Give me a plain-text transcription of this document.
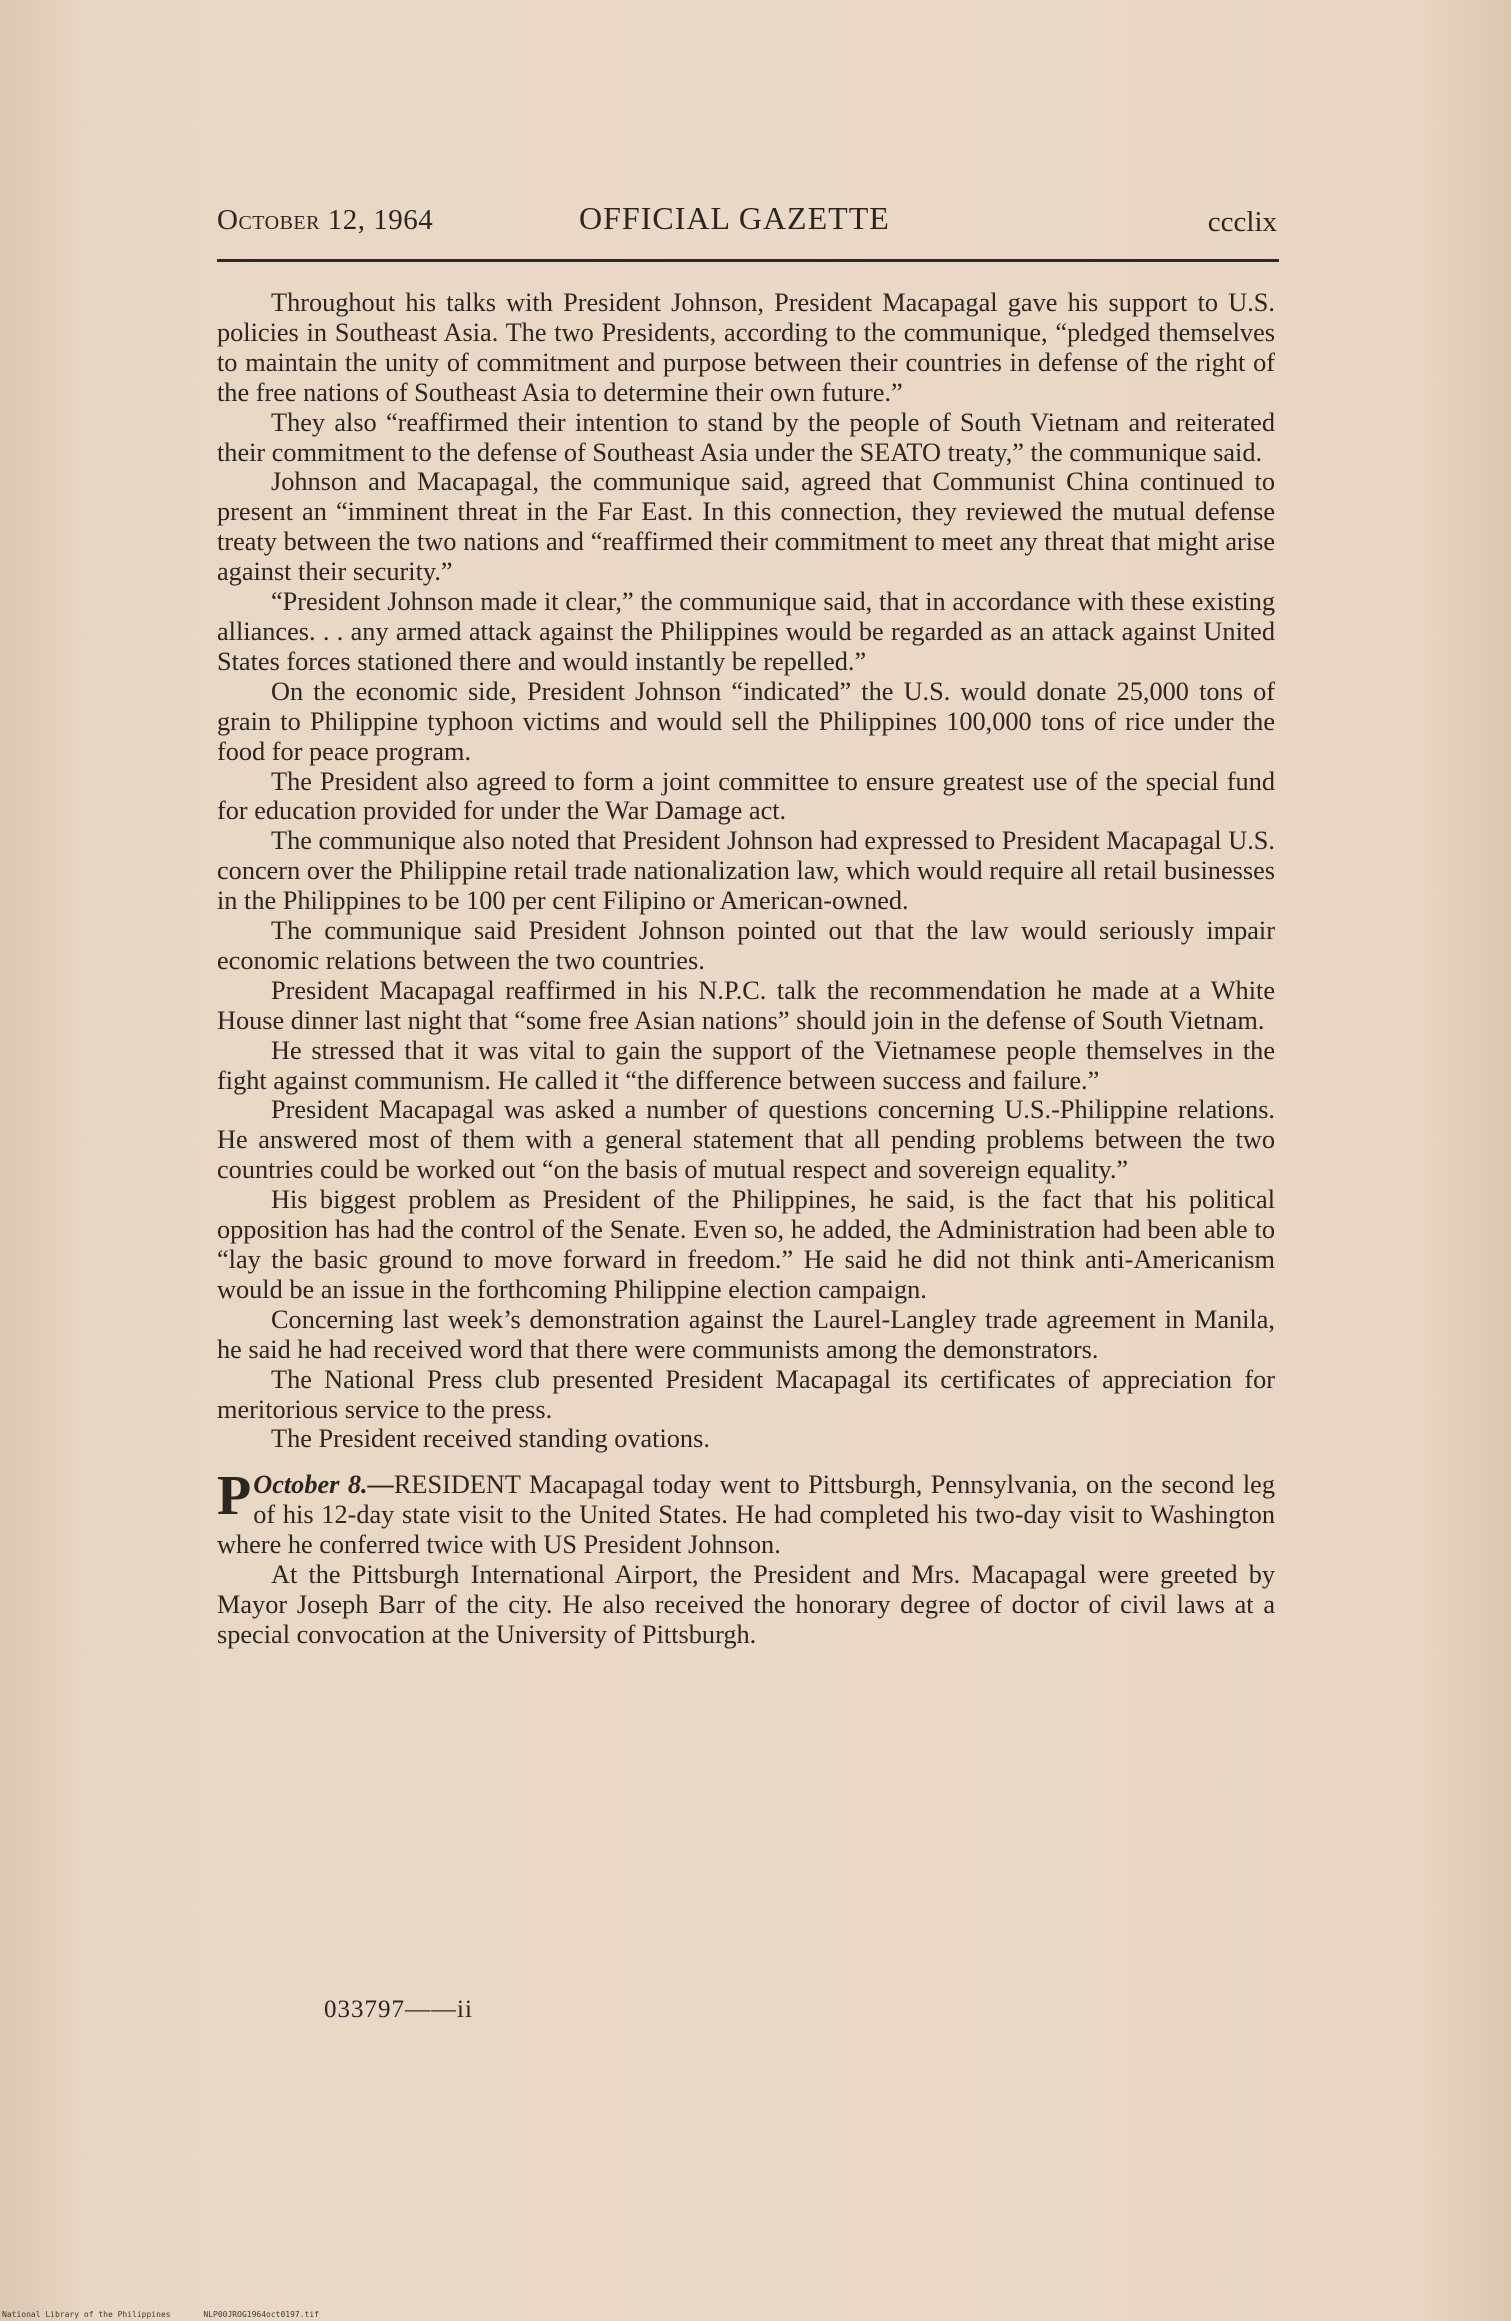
October 12, 1964	OFFICIAL GAZETTE	ccclix

Throughout his talks with President Johnson, President Macapagal gave his support to U.S. policies in Southeast Asia. The two Presidents, according to the communique, “pledged themselves to maintain the unity of commitment and purpose between their countries in defense of the right of the free nations of Southeast Asia to determine their own future.”

They also “reaffirmed their intention to stand by the people of South Vietnam and reiterated their commitment to the defense of Southeast Asia under the SEATO treaty,” the communique said.

Johnson and Macapagal, the communique said, agreed that Communist China continued to present an “imminent threat in the Far East. In this connection, they reviewed the mutual defense treaty between the two nations and “reaffirmed their commitment to meet any threat that might arise against their security.”

“President Johnson made it clear,” the communique said, that in accordance with these existing alliances. . . any armed attack against the Philippines would be regarded as an attack against United States forces stationed there and would instantly be repelled.”

On the economic side, President Johnson “indicated” the U.S. would donate 25,000 tons of grain to Philippine typhoon victims and would sell the Philippines 100,000 tons of rice under the food for peace program.

The President also agreed to form a joint committee to ensure greatest use of the special fund for education provided for under the War Damage act.

The communique also noted that President Johnson had expressed to President Macapagal U.S. concern over the Philippine retail trade nationalization law, which would require all retail businesses in the Philippines to be 100 per cent Filipino or American-owned.

The communique said President Johnson pointed out that the law would seriously impair economic relations between the two countries.

President Macapagal reaffirmed in his N.P.C. talk the recommendation he made at a White House dinner last night that “some free Asian nations” should join in the defense of South Vietnam.

He stressed that it was vital to gain the support of the Vietnamese people themselves in the fight against communism. He called it “the difference between success and failure.”

President Macapagal was asked a number of questions concerning U.S.-Philippine relations. He answered most of them with a general statement that all pending problems between the two countries could be worked out “on the basis of mutual respect and sovereign equality.”

His biggest problem as President of the Philippines, he said, is the fact that his political opposition has had the control of the Senate. Even so, he added, the Administration had been able to “lay the basic ground to move forward in freedom.” He said he did not think anti-Americanism would be an issue in the forthcoming Philippine election campaign.

Concerning last week’s demonstration against the Laurel-Langley trade agreement in Manila, he said he had received word that there were communists among the demonstrators.

The National Press club presented President Macapagal its certificates of appreciation for meritorious service to the press.

The President received standing ovations.

October 8.—
P	RESIDENT Macapagal today went to Pittsburgh, Pennsylvania, on the second leg of his 12-day state visit to the United States. He had completed his two-day visit to Washington where he conferred twice with US President Johnson.

At the Pittsburgh International Airport, the President and Mrs. Macapagal were greeted by Mayor Joseph Barr of the city. He also received the honorary degree of doctor of civil laws at a special convocation at the University of Pittsburgh.

033797——ii
National Library of the Philippines	NLP00JROG1964oct0197.tif
